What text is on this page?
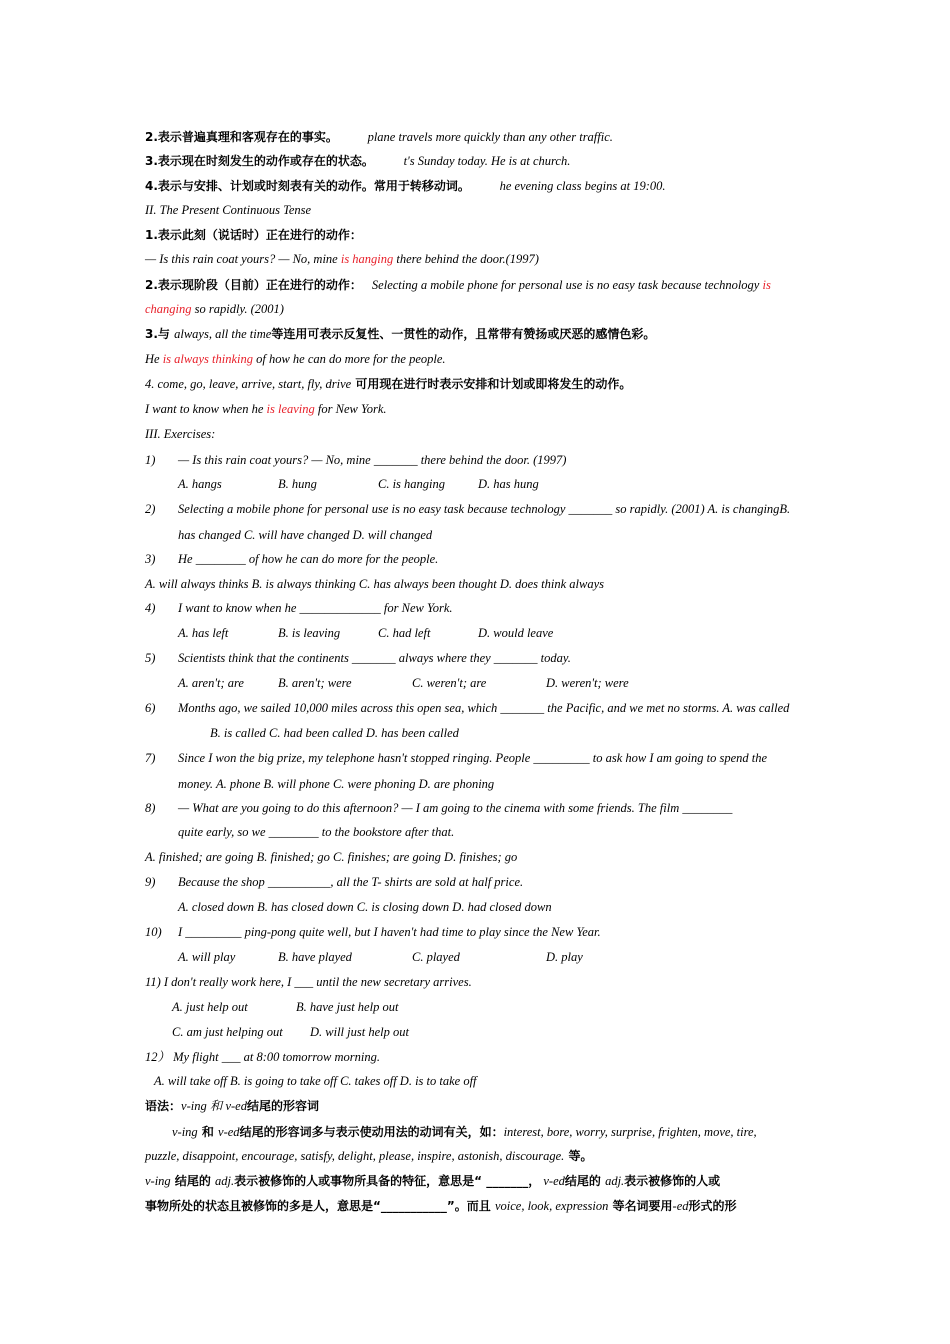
2.表示普遍真理和客观存在的事实。 plane travels more quickly than any other traffic.
3.表示现在时刻发生的动作或存在的状态。 t's Sunday today. He is at church.
4.表示与安排、计划或时刻表有关的动作。常用于转移动词。 he evening class begins at 19:00.
II. The Present Continuous Tense
1.表示此刻（说话时）正在进行的动作：
— Is this rain coat yours? — No, mine is hanging there behind the door.(1997)
2.表示现阶段（目前）正在进行的动作： Selecting a mobile phone for personal use is no easy task because technology is
changing so rapidly. (2001)
3.与 always, all the time等连用可表示反复性、一贯性的动作，且常带有赞扬或厌恶的感情色彩。
He is always thinking of how he can do more for the people.
4. come, go, leave, arrive, start, fly, drive 可用现在进行时表示安排和计划或即将发生的动作。
I want to know when he is leaving for New York.
III. Exercises:
1) — Is this rain coat yours? — No, mine _______ there behind the door. (1997)
A. hangs	B. hung	C. is hanging	D. has hung
2) Selecting a mobile phone for personal use is no easy task because technology _______ so rapidly. (2001) A. is changingB.
has changed C. will have changed D. will changed
3) He ________ of how he can do more for the people.
A. will always thinks B. is always thinking C. has always been thought D. does think always
4) I want to know when he _____________ for New York.
A. has left	B. is leaving	C. had left	D. would leave
5) Scientists think that the continents _______ always where they _______ today.
A. aren't; are	B. aren't; were	C. weren't; are	D. weren't; were
6) Months ago, we sailed 10,000 miles across this open sea, which _______ the Pacific, and we met no storms. A. was called
B. is called C. had been called D. has been called
7) Since I won the big prize, my telephone hasn't stopped ringing. People _________ to ask how I am going to spend the
money. A. phone B. will phone C. were phoning D. are phoning
8) — What are you going to do this afternoon? — I am going to the cinema with some friends. The film ________
quite early, so we ________ to the bookstore after that.
A. finished; are going B. finished; go C. finishes; are going D. finishes; go
9) Because the shop __________, all the T- shirts are sold at half price.
A. closed down B. has closed down C. is closing down D. had closed down
10) I _________ ping-pong quite well, but I haven't had time to play since the New Year.
A. will play	B. have played	C. played	D. play
11) I don't really work here, I ___ until the new secretary arrives.
A. just help out	B. have just help out
C. am just helping out D. will just help out
12） My flight ___ at 8:00 tomorrow morning.
A. will take off B. is going to take off C. takes off D. is to take off
语法：v-ing 和 v-ed结尾的形容词
v-ing 和 v-ed结尾的形容词多与表示使动用法的动词有关，如：interest, bore, worry, surprise, frighten, move, tire,
puzzle, disappoint, encourage, satisfy, delight, please, inspire, astonish, discourage. 等。
v-ing 结尾的 adj.表示被修饰的人或事物所具备的特征，意思是“ _______， v-ed结尾的 adj.表示被修饰的人或
事物所处的状态且被修饰的多是人，意思是“___________”。而且 voice, look, expression 等名词要用-ed形式的形
